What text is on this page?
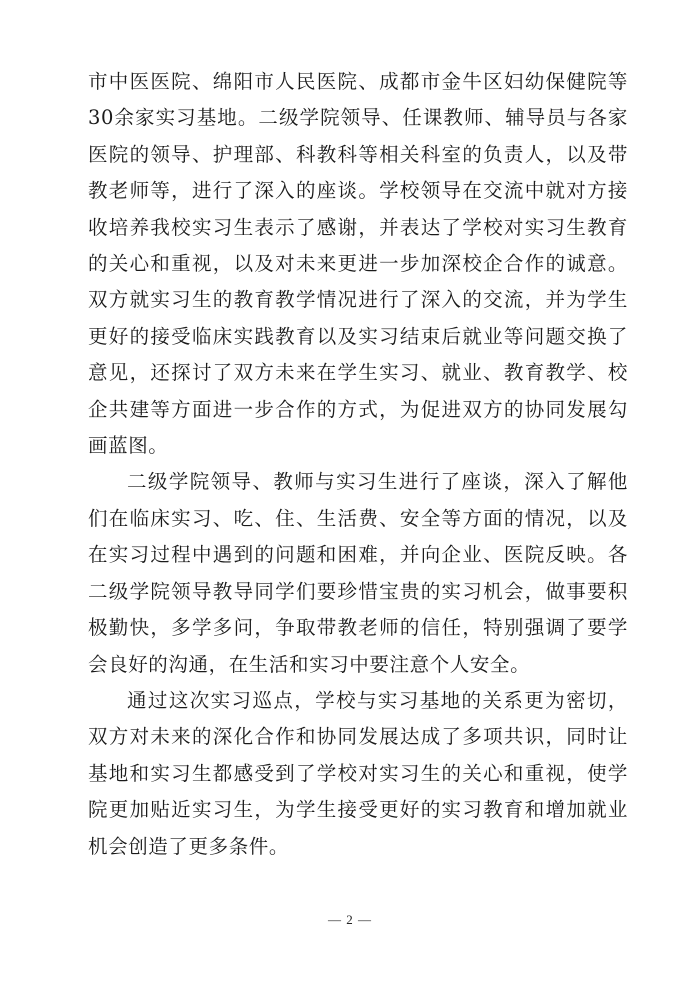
市中医医院、绵阳市人民医院、成都市金牛区妇幼保健院等30余家实习基地。二级学院领导、任课教师、辅导员与各家医院的领导、护理部、科教科等相关科室的负责人，以及带教老师等，进行了深入的座谈。学校领导在交流中就对方接收培养我校实习生表示了感谢，并表达了学校对实习生教育的关心和重视，以及对未来更进一步加深校企合作的诚意。双方就实习生的教育教学情况进行了深入的交流，并为学生更好的接受临床实践教育以及实习结束后就业等问题交换了意见，还探讨了双方未来在学生实习、就业、教育教学、校企共建等方面进一步合作的方式，为促进双方的协同发展勾画蓝图。

二级学院领导、教师与实习生进行了座谈，深入了解他们在临床实习、吃、住、生活费、安全等方面的情况，以及在实习过程中遇到的问题和困难，并向企业、医院反映。各二级学院领导教导同学们要珍惜宝贵的实习机会，做事要积极勤快，多学多问，争取带教老师的信任，特别强调了要学会良好的沟通，在生活和实习中要注意个人安全。

通过这次实习巡点，学校与实习基地的关系更为密切，双方对未来的深化合作和协同发展达成了多项共识，同时让基地和实习生都感受到了学校对实习生的关心和重视，使学院更加贴近实习生，为学生接受更好的实习教育和增加就业机会创造了更多条件。

— 2 —
